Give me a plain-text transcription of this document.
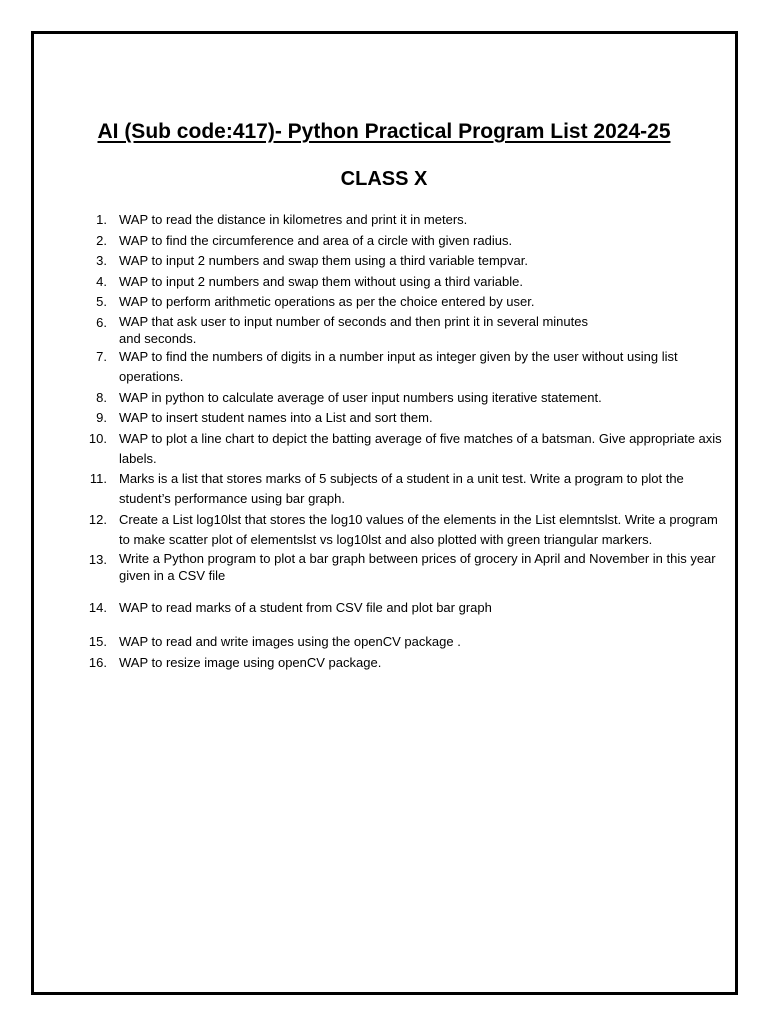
AI (Sub code:417)- Python Practical Program List 2024-25
CLASS X
1. WAP to read the distance in kilometres and print it in meters.
2. WAP to find the circumference and area of a circle with given radius.
3. WAP to input 2 numbers and swap them using a third variable tempvar.
4. WAP to input 2 numbers and swap them without using a third variable.
5. WAP to perform arithmetic operations as per the choice entered by user.
6. WAP that ask user to input number of seconds and then print it in several minutes and seconds.
7. WAP to find the numbers of digits in a number input as integer given by the user without using list operations.
8. WAP in python to calculate average of user input numbers using iterative statement.
9. WAP to insert student names into a List and sort them.
10. WAP to plot a line chart to depict the batting average of five matches of a batsman. Give appropriate axis labels.
11. Marks is a list that stores marks of 5 subjects of a student in a unit test. Write a program to plot the student’s performance using bar graph.
12. Create a List log10lst that stores the log10 values of the elements in the List elemntslst. Write a program to make scatter plot of elementslst vs log10lst and also plotted with green triangular markers.
13. Write a Python program to plot a bar graph between prices of grocery in April and November in this year given in a CSV file
14. WAP to read marks of a student from CSV file and plot bar graph
15. WAP to read and write images using the openCV package .
16. WAP to resize image using openCV package.
